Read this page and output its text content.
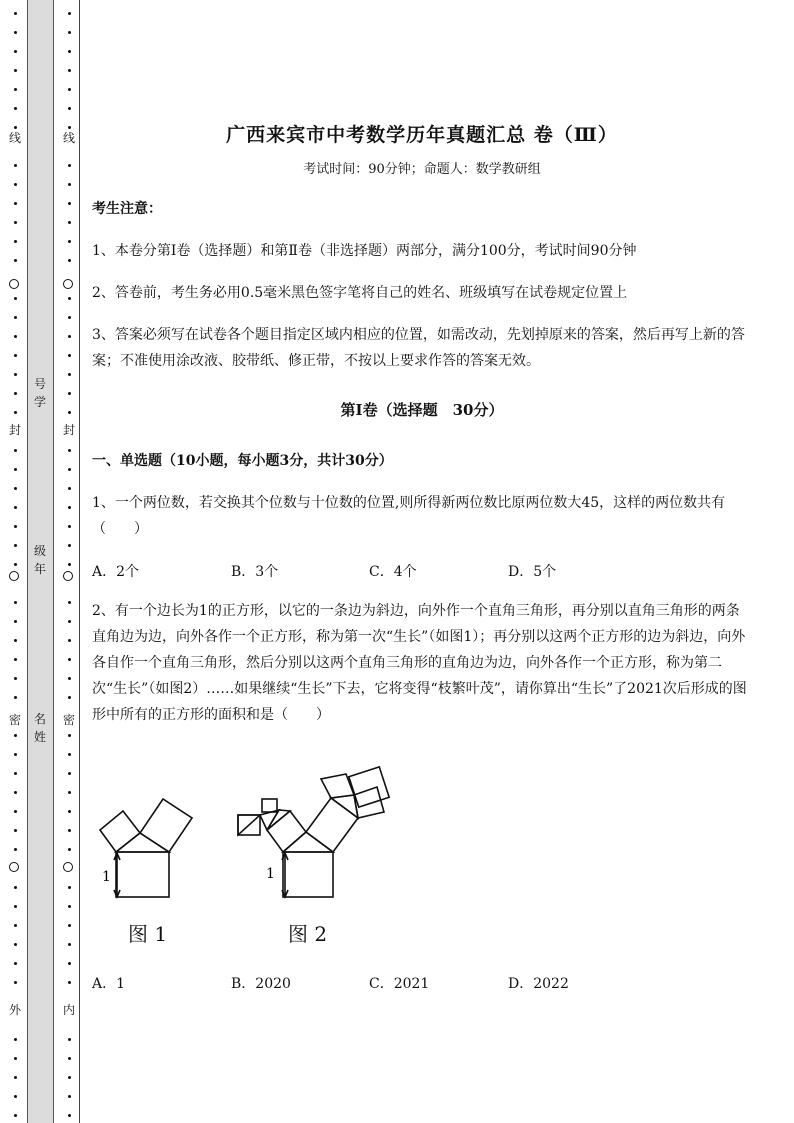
线
封
密
外
线
封
密
内
号学
级年
名姓
广西来宾市中考数学历年真题汇总 卷（Ⅲ）
考试时间：90分钟；命题人：数学教研组
考生注意：
1、本卷分第I卷（选择题）和第Ⅱ卷（非选择题）两部分，满分100分，考试时间90分钟
2、答卷前，考生务必用0.5毫米黑色签字笔将自己的姓名、班级填写在试卷规定位置上
3、答案必须写在试卷各个题目指定区域内相应的位置，如需改动，先划掉原来的答案，然后再写上新的答案；不准使用涂改液、胶带纸、修正带，不按以上要求作答的答案无效。
第I卷（选择题　30分）
一、单选题（10小题，每小题3分，共计30分）
1、一个两位数，若交换其个位数与十位数的位置,则所得新两位数比原两位数大45，这样的两位数共有（　　）
A．2个	B．3个	C．4个	D．5个
2、有一个边长为1的正方形，以它的一条边为斜边，向外作一个直角三角形，再分别以直角三角形的两条直角边为边，向外各作一个正方形，称为第一次“生长”（如图1）；再分别以这两个正方形的边为斜边，向外各自作一个直角三角形，然后分别以这两个直角三角形的直角边为边，向外各作一个正方形，称为第二次“生长”（如图2）……如果继续“生长”下去，它将变得“枝繁叶茂”，请你算出“生长”了2021次后形成的图形中所有的正方形的面积和是（　　）
1	1
图 1	图 2
A．1	B．2020	C．2021	D．2022
